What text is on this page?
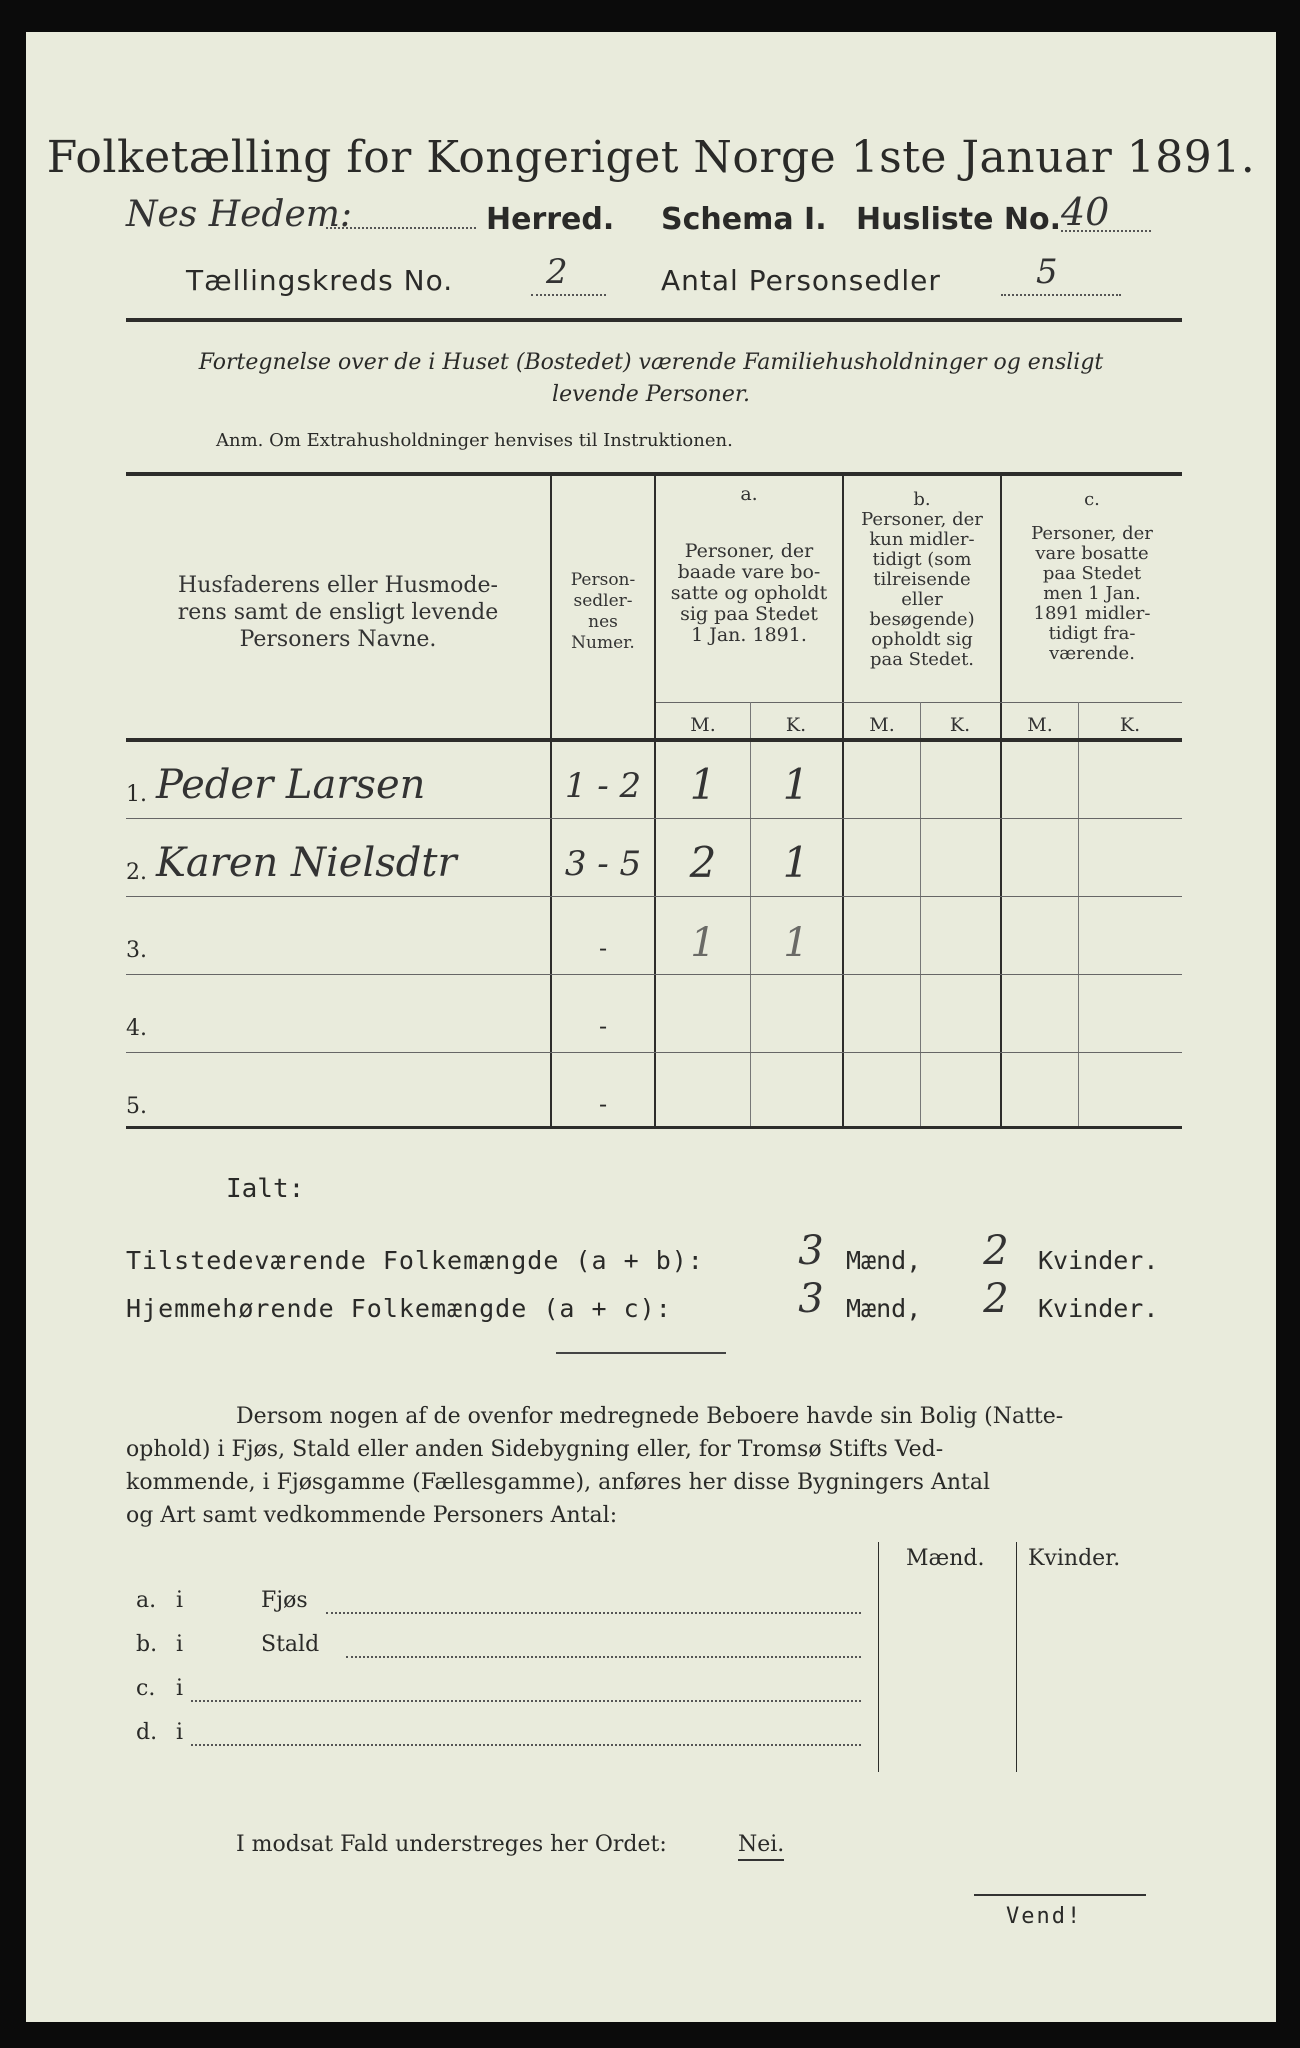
Folketælling for Kongeriget Norge 1ste Januar 1891.
Nes Hedem:	Herred. Schema I. Husliste No. 40
Tællingskreds No.	2	Antal Personsedler	5
Fortegnelse over de i Huset (Bostedet) værende Familiehusholdninger og ensligt
levende Personer.
Anm. Om Extrahusholdninger henvises til Instruktionen.
Husfaderens eller Husmode-
rens samt de ensligt levende
Personers Navne.
Person-
sedler-
nes
Numer.
a.
Personer, der
baade vare bo-
satte og opholdt
sig paa Stedet
1 Jan. 1891.
b.
Personer, der
kun midler-
tidigt (som
tilreisende
eller
besøgende)
opholdt sig
paa Stedet.
c.
Personer, der
vare bosatte
paa Stedet
men 1 Jan.
1891 midler-
tidigt fra-
værende.
M.	K.	M.	K.	M.	K.
1. Peder Larsen	1 - 2	1	1
2. Karen Nielsdtr	3 - 5	2	1
3.	-	1	1
4.	-
5.	-
Ialt:
Tilstedeværende Folkemængde (a + b):	3 Mænd,	2	Kvinder.
Hjemmehørende Folkemængde (a + c):	3 Mænd,	2	Kvinder.
Dersom nogen af de ovenfor medregnede Beboere havde sin Bolig (Natte-
ophold) i Fjøs, Stald eller anden Sidebygning eller, for Tromsø Stifts Ved-
kommende, i Fjøsgamme (Fællesgamme), anføres her disse Bygningers Antal
og Art samt vedkommende Personers Antal:
Mænd. Kvinder.
a. i	Fjøs
b. i	Stald
c. i
d. i
I modsat Fald understreges her Ordet:	Nei.
Vend!
